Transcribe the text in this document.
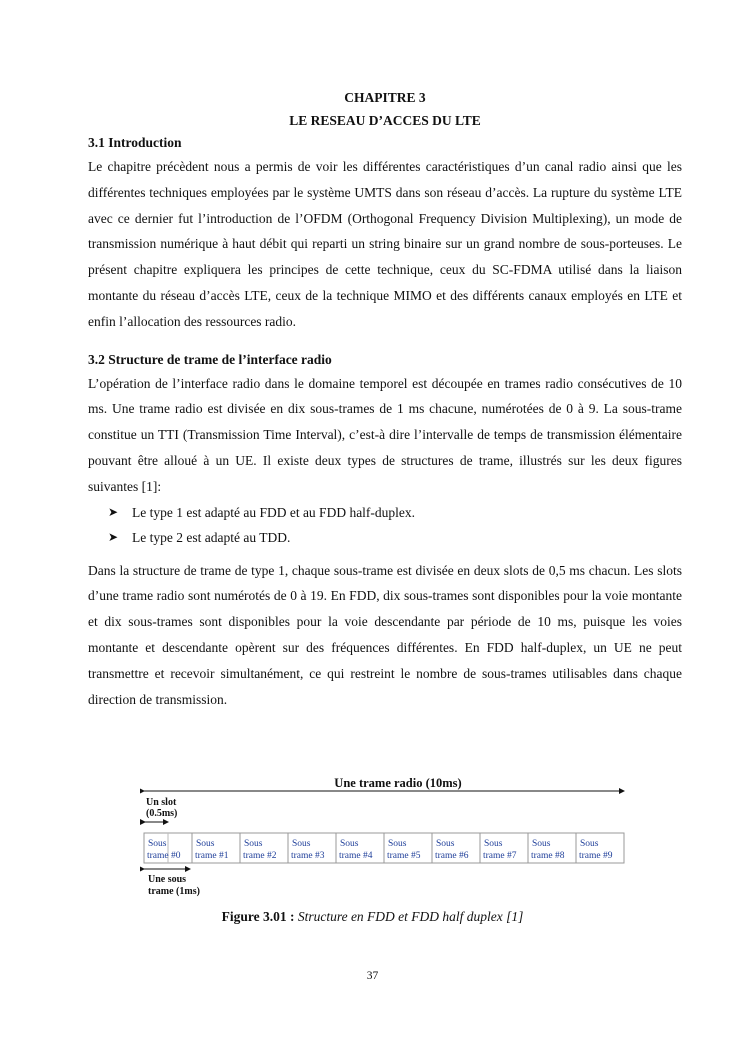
CHAPITRE 3
LE RESEAU D’ACCES DU LTE
3.1 Introduction

Le chapitre précèdent nous a permis de voir les différentes caractéristiques d’un canal radio ainsi que les différentes techniques employées par le système UMTS dans son réseau d’accès. La rupture du système LTE avec ce dernier fut l’introduction de l’OFDM (Orthogonal Frequency Division Multiplexing), un mode de transmission numérique à haut débit qui reparti un string binaire sur un grand nombre de sous-porteuses. Le présent chapitre expliquera les principes de cette technique, ceux du SC-FDMA utilisé dans la liaison montante du réseau d’accès LTE, ceux de la technique MIMO et des différents canaux employés en LTE et enfin l’allocation des ressources radio.

3.2 Structure de trame de l’interface radio

L’opération de l’interface radio dans le domaine temporel est découpée en trames radio consécutives de 10 ms. Une trame radio est divisée en dix sous-trames de 1 ms chacune, numérotées de 0 à 9. La sous-trame constitue un TTI (Transmission Time Interval), c’est-à dire l’intervalle de temps de transmission élémentaire pouvant être alloué à un UE. Il existe deux types de structures de trame, illustrés sur les deux figures suivantes [1]:

➤ Le type 1 est adapté au FDD et au FDD half-duplex.
➤ Le type 2 est adapté au TDD.

Dans la structure de trame de type 1, chaque sous-trame est divisée en deux slots de 0,5 ms chacun. Les slots d’une trame radio sont numérotés de 0 à 19. En FDD, dix sous-trames sont disponibles pour la voie montante et dix sous-trames sont disponibles pour la voie descendante par période de 10 ms, puisque les voies montante et descendante opèrent sur des fréquences différentes. En FDD half-duplex, un UE ne peut transmettre et recevoir simultanément, ce qui restreint le nombre de sous-trames utilisables dans chaque direction de transmission.

Une trame radio (10ms)
Un slot
(0.5ms)
Sous
trame #0
Sous
trame #1
Sous
trame #2
Sous
trame #3
Sous
trame #4
Sous
trame #5
Sous
trame #6
Sous
trame #7
Sous
trame #8
Sous
trame #9
Une sous
trame (1ms)
Figure 3.01 : Structure en FDD et FDD half duplex [1]
37
